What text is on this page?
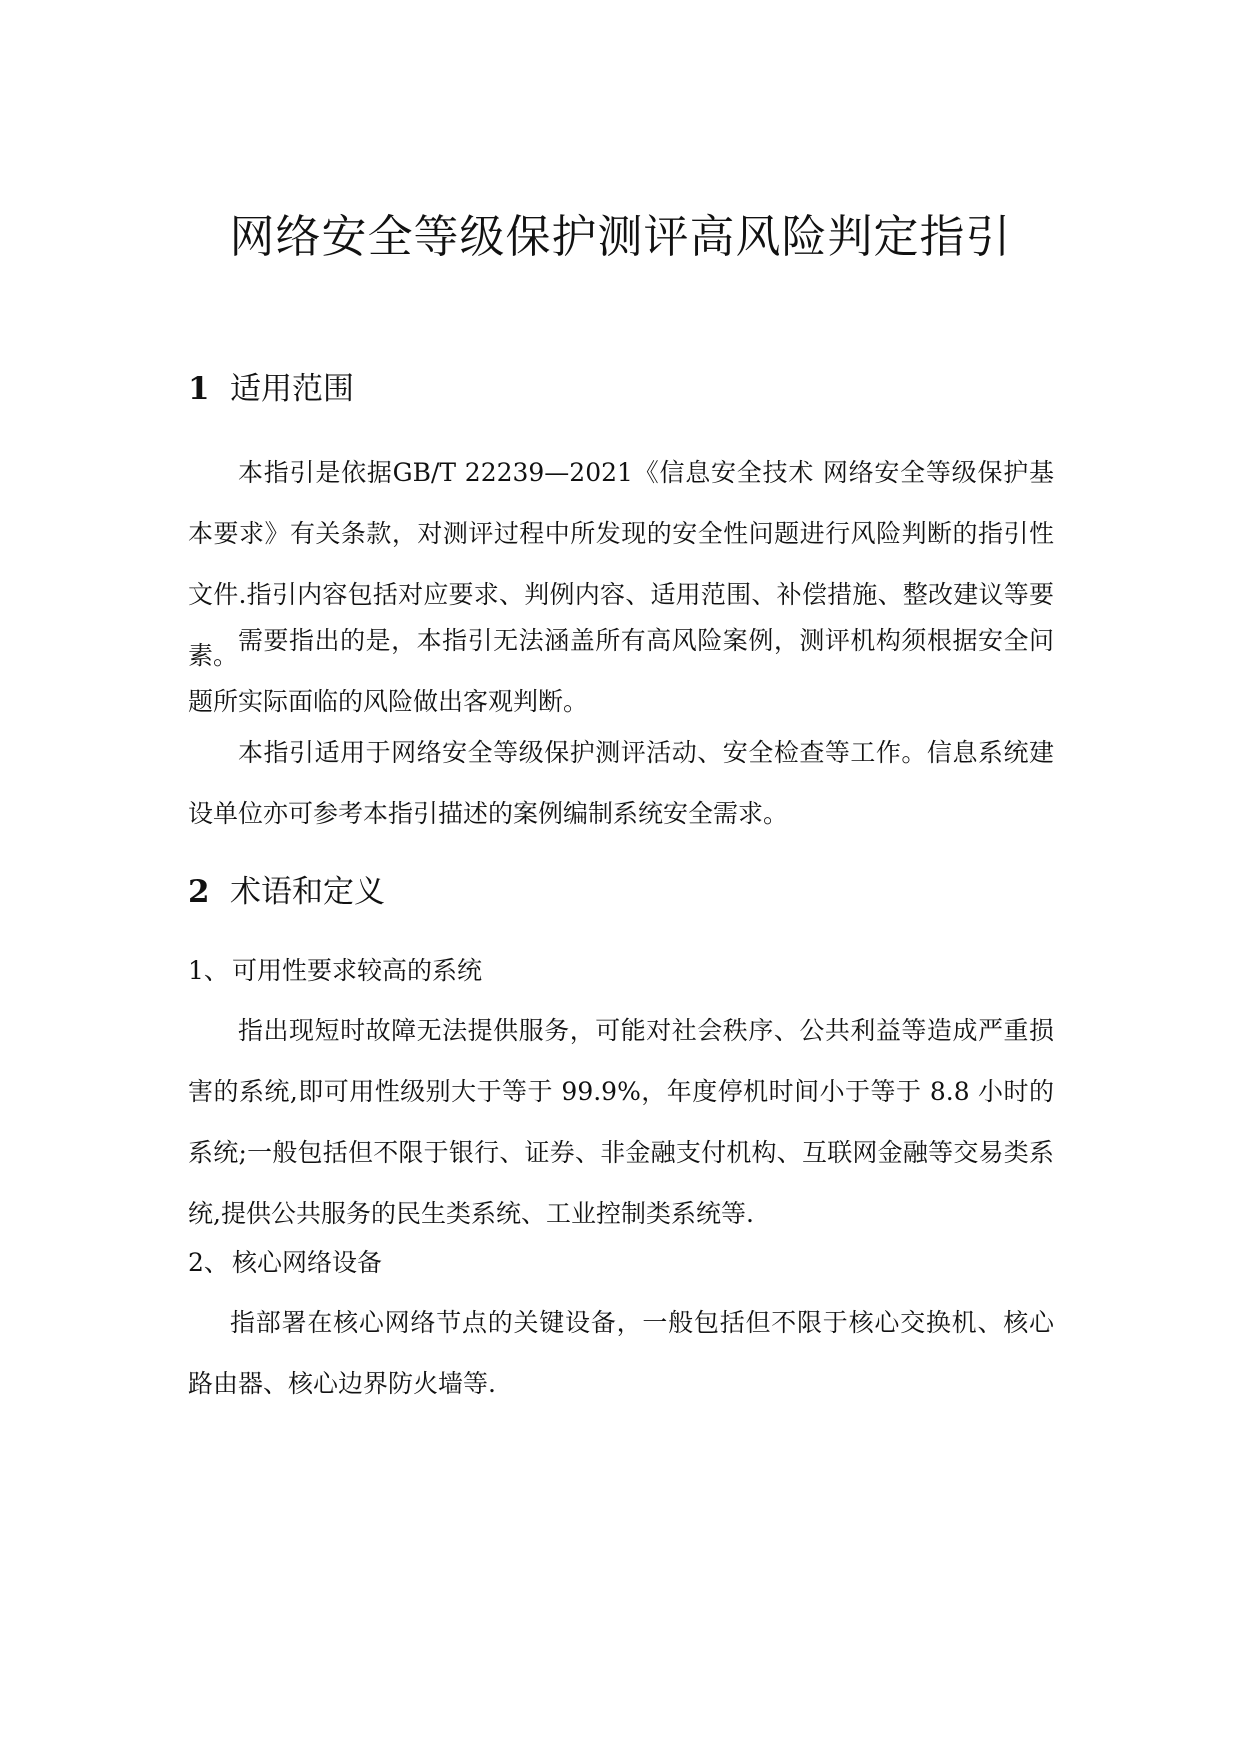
网络安全等级保护测评高风险判定指引
1 适用范围

本指引是依据GB/T 22239—2021《信息安全技术 网络安全等级保护基本要求》有关条款，对测评过程中所发现的安全性问题进行风险判断的指引性文件.指引内容包括对应要求、判例内容、适用范围、补偿措施、整改建议等要素。

需要指出的是，本指引无法涵盖所有高风险案例，测评机构须根据安全问题所实际面临的风险做出客观判断。

本指引适用于网络安全等级保护测评活动、安全检查等工作。信息系统建设单位亦可参考本指引描述的案例编制系统安全需求。

2 术语和定义
1、 可用性要求较高的系统

指出现短时故障无法提供服务，可能对社会秩序、公共利益等造成严重损害的系统,即可用性级别大于等于 99.9%，年度停机时间小于等于 8.8 小时的系统;一般包括但不限于银行、证券、非金融支付机构、互联网金融等交易类系统,提供公共服务的民生类系统、工业控制类系统等.

2、 核心网络设备

指部署在核心网络节点的关键设备，一般包括但不限于核心交换机、核心路由器、核心边界防火墙等.
